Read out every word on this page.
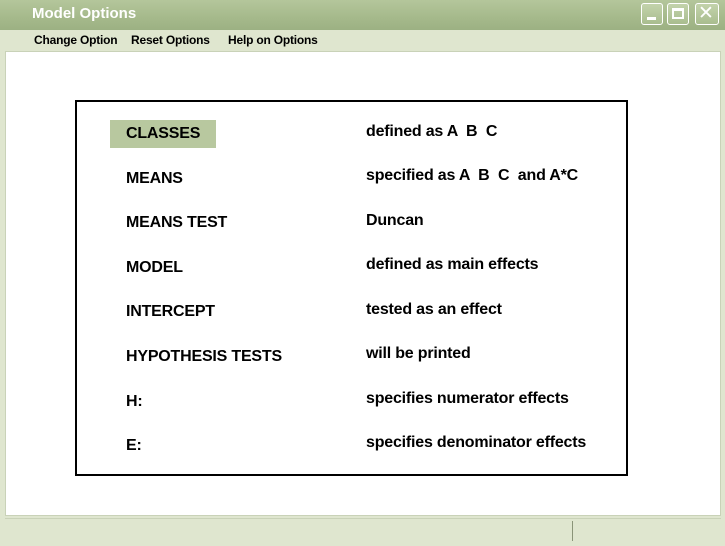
Model Options	✕
Change Option Reset Options Help on Options
CLASSES	defined as A  B  C
MEANS	specified as A  B  C  and A*C
MEANS TEST	Duncan
MODEL	defined as main effects
INTERCEPT	tested as an effect
HYPOTHESIS TESTS	will be printed
H:	specifies numerator effects
E:	specifies denominator effects
